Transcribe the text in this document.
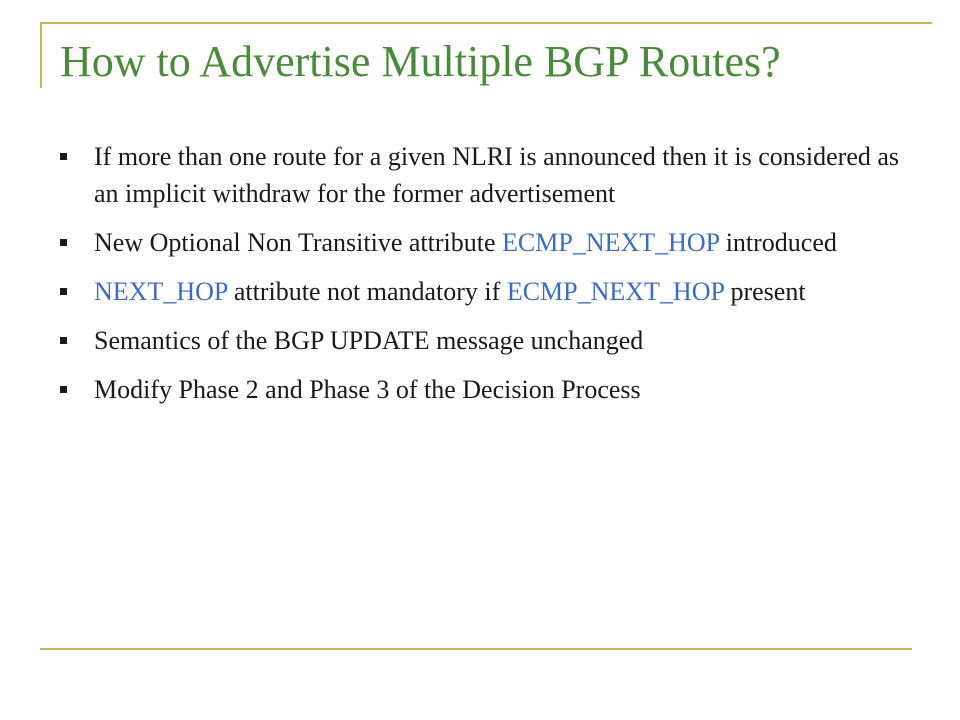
How to Advertise Multiple BGP Routes?
If more than one route for a given NLRI is announced then it is considered as an implicit withdraw for the former advertisement
New Optional Non Transitive attribute ECMP_NEXT_HOP introduced
NEXT_HOP attribute not mandatory if ECMP_NEXT_HOP present
Semantics of the BGP UPDATE message unchanged
Modify Phase 2 and Phase 3 of the Decision Process
